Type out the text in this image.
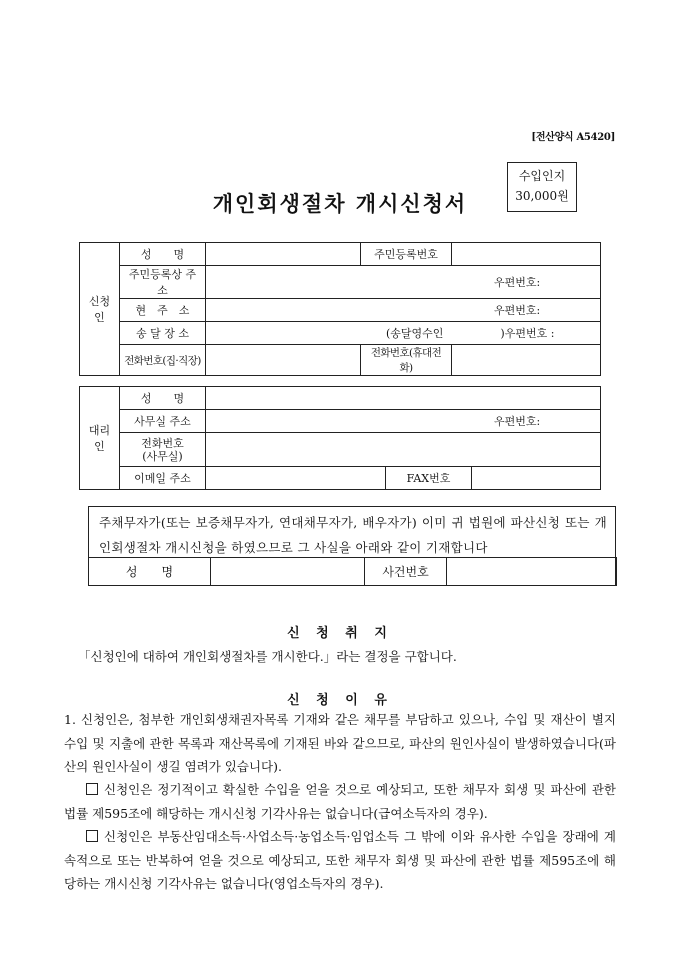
[전산양식 A5420]
수입인지
30,000원
개인회생절차 개시신청서
신청인	성　　명		주민등록번호	
	주민등록상 주소	우편번호:		
	현　주　소	우편번호:		
	송 달 장 소	(송달영수인 )우편번호 :		
	전화번호(집·직장)		전화번호(휴대전화)	
대리인	성　　명			
	사무실 주소	우편번호:		

	전화번호
(사무실)			

	이메일 주소		FAX번호	
주채무자가(또는 보증채무자가, 연대채무자가, 배우자가) 이미 귀 법원에 파산신청 또는 개인회생절차 개시신청을 하였으므로 그 사실을 아래와 같이 기재합니다
성　　명		사건번호	
신 청 취 지
「신청인에 대하여 개인회생절차를 개시한다.」라는 결정을 구합니다.
신 청 이 유
1. 신청인은, 첨부한 개인회생채권자목록 기재와 같은 채무를 부담하고 있으나, 수입 및 재산이 별지 수입 및 지출에 관한 목록과 재산목록에 기재된 바와 같으므로, 파산의 원인사실이 발생하였습니다(파산의 원인사실이 생길 염려가 있습니다).
신청인은 정기적이고 확실한 수입을 얻을 것으로 예상되고, 또한 채무자 회생 및 파산에 관한 법률 제595조에 해당하는 개시신청 기각사유는 없습니다(급여소득자의 경우).
신청인은 부동산임대소득·사업소득·농업소득·임업소득 그 밖에 이와 유사한 수입을 장래에 계속적으로 또는 반복하여 얻을 것으로 예상되고, 또한 채무자 회생 및 파산에 관한 법률 제595조에 해당하는 개시신청 기각사유는 없습니다(영업소득자의 경우).
